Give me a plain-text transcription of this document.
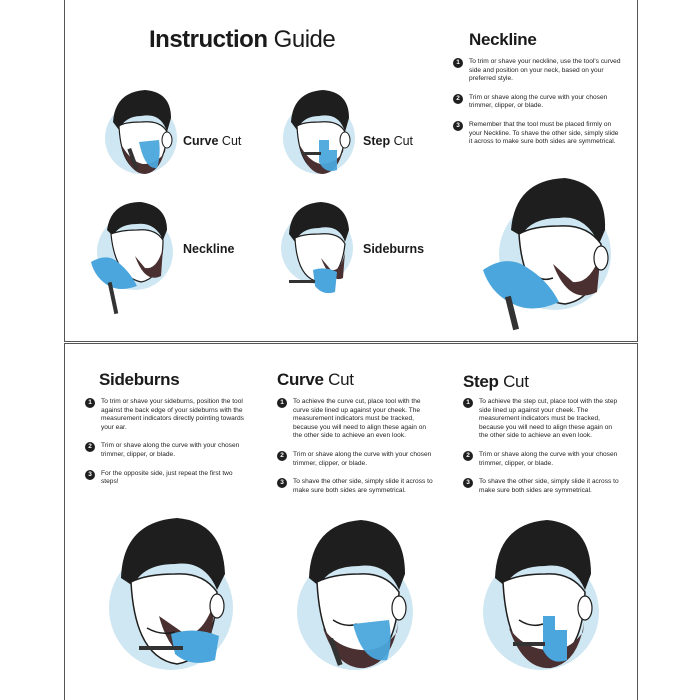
Instruction Guide
Curve Cut	Step Cut
Neckline	Sideburns
Neckline
1	To trim or shave your neckline, use the tool's curved side and position on your neck, based on your preferred style.
2	Trim or shave along the curve with your chosen trimmer, clipper, or blade.
3	Remember that the tool must be placed firmly on your Neckline. To shave the other side, simply slide it across to make sure both sides are symmetrical.
Sideburns
1	To trim or shave your sideburns, position the tool against the back edge of your sideburns with the measurement indicators directly pointing towards your ear.
2	Trim or shave along the curve with your chosen trimmer, clipper, or blade.
3	For the opposite side, just repeat the first two steps!
Curve Cut
1	To achieve the curve cut, place tool with the curve side lined up against your cheek. The measurement indicators must be tracked, because you will need to align these again on the other side to achieve an even look.
2	Trim or shave along the curve with your chosen trimmer, clipper, or blade.
3	To shave the other side, simply slide it across to make sure both sides are symmetrical.
Step Cut
1	To achieve the step cut, place tool with the step side lined up against your cheek. The measurement indicators must be tracked, because you will need to align these again on the other side to achieve an even look.
2	Trim or shave along the curve with your chosen trimmer, clipper, or blade.
3	To shave the other side, simply slide it across to make sure both sides are symmetrical.
